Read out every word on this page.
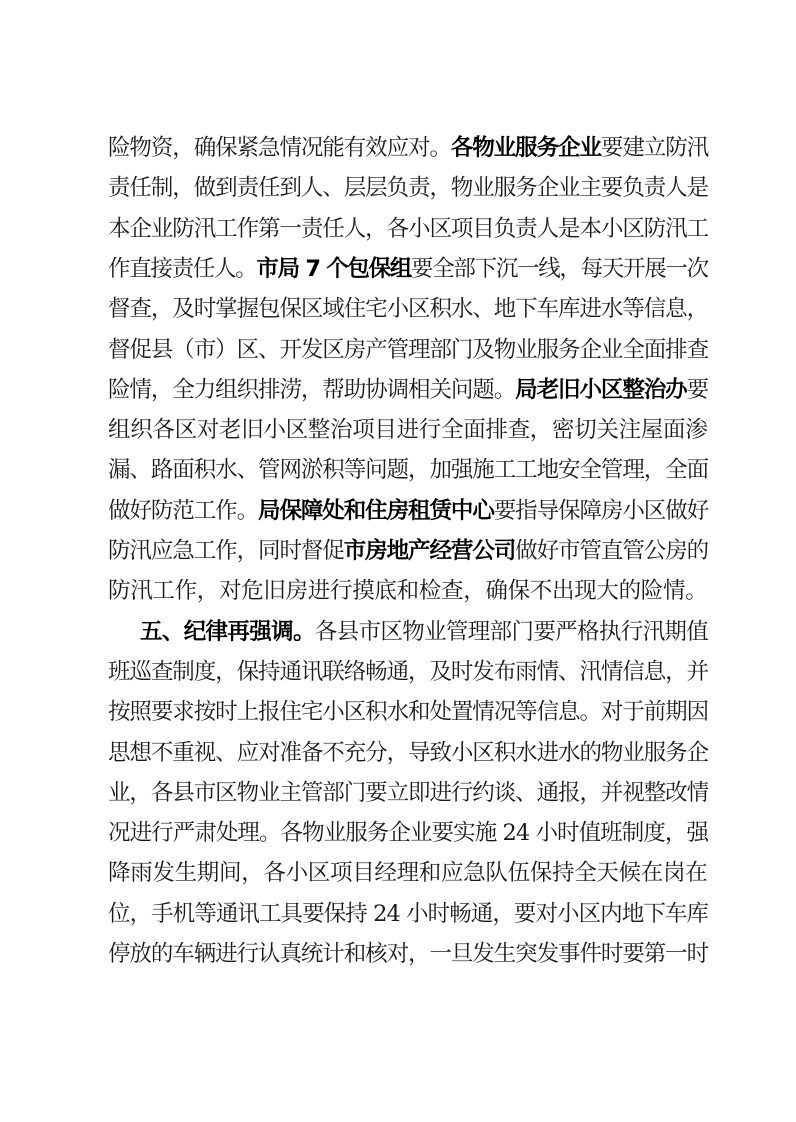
险物资，确保紧急情况能有效应对。各物业服务企业要建立防汛
责任制，做到责任到人、层层负责，物业服务企业主要负责人是
本企业防汛工作第一责任人，各小区项目负责人是本小区防汛工
作直接责任人。市局 7 个包保组要全部下沉一线，每天开展一次
督查，及时掌握包保区域住宅小区积水、地下车库进水等信息，
督促县（市）区、开发区房产管理部门及物业服务企业全面排查
险情，全力组织排涝，帮助协调相关问题。局老旧小区整治办要
组织各区对老旧小区整治项目进行全面排查，密切关注屋面渗
漏、路面积水、管网淤积等问题，加强施工工地安全管理，全面
做好防范工作。局保障处和住房租赁中心要指导保障房小区做好
防汛应急工作，同时督促市房地产经营公司做好市管直管公房的
防汛工作，对危旧房进行摸底和检查，确保不出现大的险情。
五、纪律再强调。各县市区物业管理部门要严格执行汛期值
班巡查制度，保持通讯联络畅通，及时发布雨情、汛情信息，并
按照要求按时上报住宅小区积水和处置情况等信息。对于前期因
思想不重视、应对准备不充分，导致小区积水进水的物业服务企
业，各县市区物业主管部门要立即进行约谈、通报，并视整改情
况进行严肃处理。各物业服务企业要实施 24 小时值班制度，强
降雨发生期间，各小区项目经理和应急队伍保持全天候在岗在
位，手机等通讯工具要保持 24 小时畅通，要对小区内地下车库
停放的车辆进行认真统计和核对，一旦发生突发事件时要第一时
